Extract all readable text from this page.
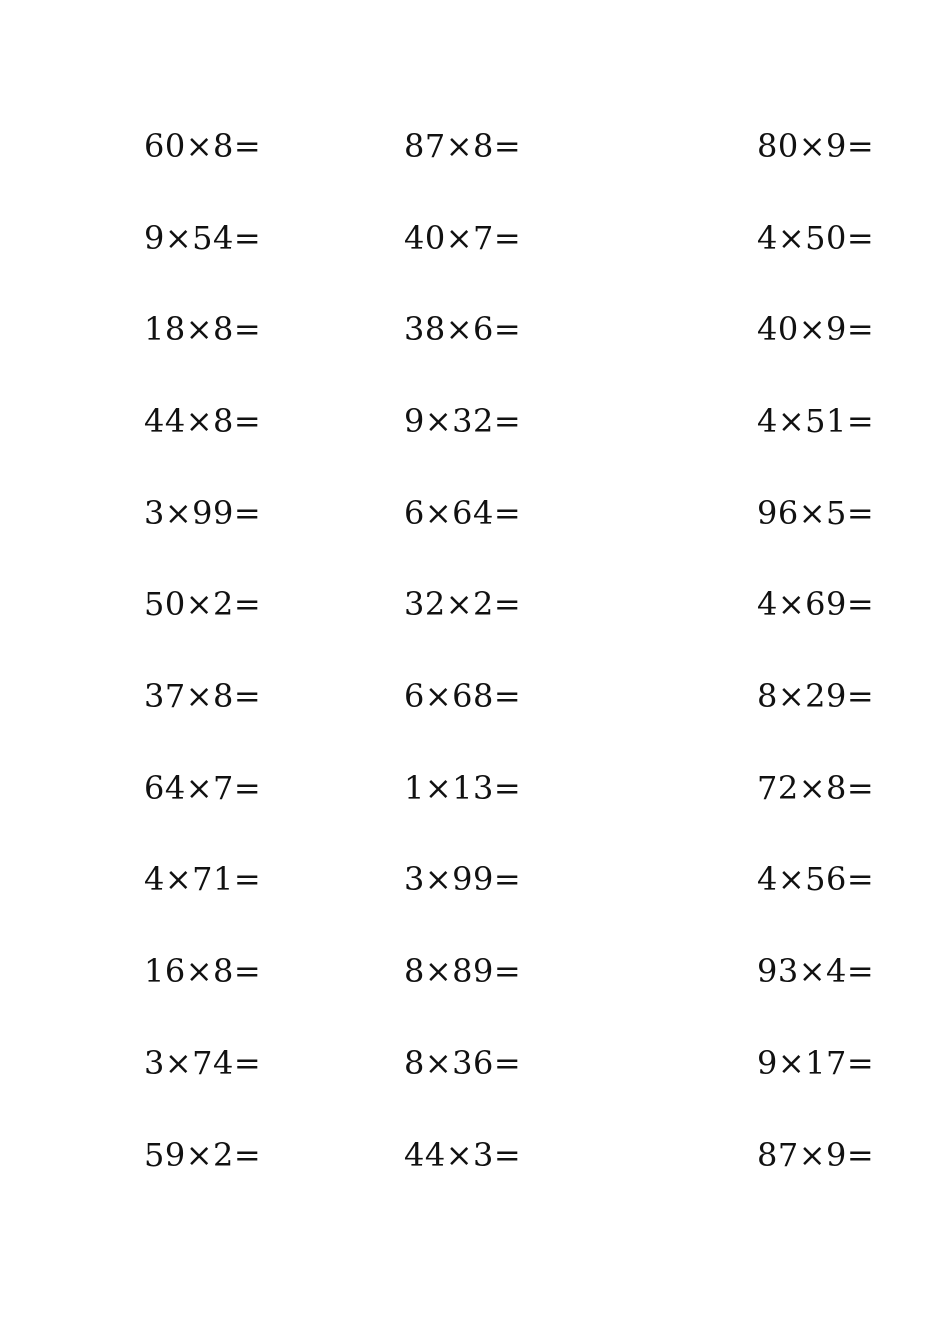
60×8=	87×8=	80×9=
9×54=	40×7=	4×50=
18×8=	38×6=	40×9=
44×8=	9×32=	4×51=
3×99=	6×64=	96×5=
50×2=	32×2=	4×69=
37×8=	6×68=	8×29=
64×7=	1×13=	72×8=
4×71=	3×99=	4×56=
16×8=	8×89=	93×4=
3×74=	8×36=	9×17=
59×2=	44×3=	87×9=
